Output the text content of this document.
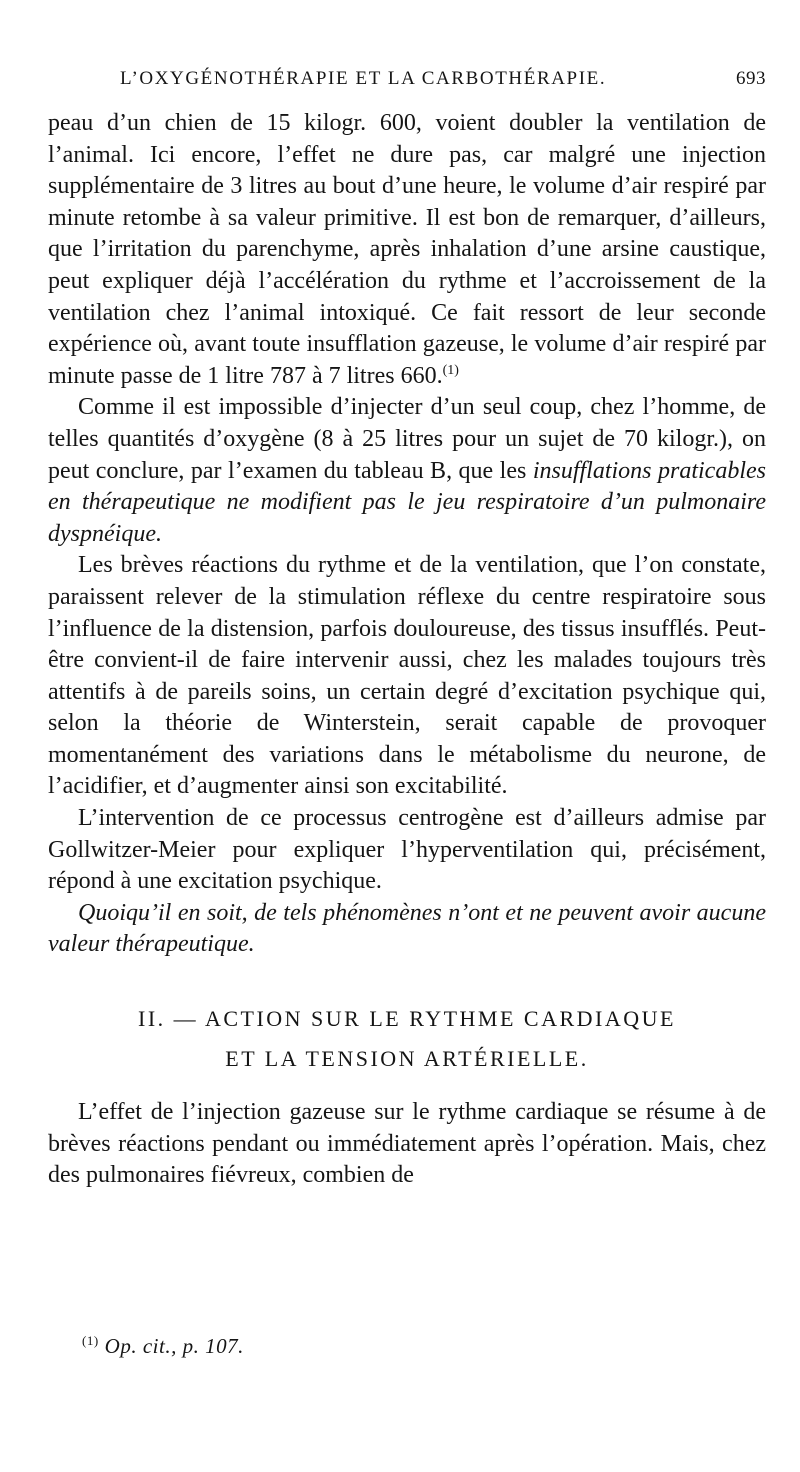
L’OXYGÉNOTHÉRAPIE ET LA CARBOTHÉRAPIE.	693

peau d’un chien de 15 kilogr. 600, voient doubler la ventilation de l’animal. Ici encore, l’effet ne dure pas, car malgré une injection supplémentaire de 3 litres au bout d’une heure, le volume d’air respiré par minute retombe à sa valeur primitive. Il est bon de remarquer, d’ailleurs, que l’irritation du parenchyme, après inhalation d’une arsine caustique, peut expliquer déjà l’accélération du rythme et l’accroissement de la ventilation chez l’animal intoxiqué. Ce fait ressort de leur seconde expérience où, avant toute insufflation gazeuse, le volume d’air respiré par minute passe de 1 litre 787 à 7 litres 660.$^{(1)}$

Comme il est impossible d’injecter d’un seul coup, chez l’homme, de telles quantités d’oxygène (8 à 25 litres pour un sujet de 70 kilogr.), on peut conclure, par l’examen du tableau B, que les insufflations praticables en thérapeutique ne modifient pas le jeu respiratoire d’un pulmonaire dyspnéique.

Les brèves réactions du rythme et de la ventilation, que l’on constate, paraissent relever de la stimulation réflexe du centre respiratoire sous l’influence de la distension, parfois douloureuse, des tissus insufflés. Peut-être convient-il de faire intervenir aussi, chez les malades toujours très attentifs à de pareils soins, un certain degré d’excitation psychique qui, selon la théorie de Winterstein, serait capable de provoquer momentanément des variations dans le métabolisme du neurone, de l’acidifier, et d’augmenter ainsi son excitabilité.

L’intervention de ce processus centrogène est d’ailleurs admise par Gollwitzer-Meier pour expliquer l’hyperventilation qui, précisément, répond à une excitation psychique.

Quoiqu’il en soit, de tels phénomènes n’ont et ne peuvent avoir aucune valeur thérapeutique.

II. — ACTION SUR LE RYTHME CARDIAQUE
ET LA TENSION ARTÉRIELLE.

L’effet de l’injection gazeuse sur le rythme cardiaque se résume à de brèves réactions pendant ou immédiatement après l’opération. Mais, chez des pulmonaires fiévreux, combien de

$^{(1)}$ Op. cit., p. 107.
